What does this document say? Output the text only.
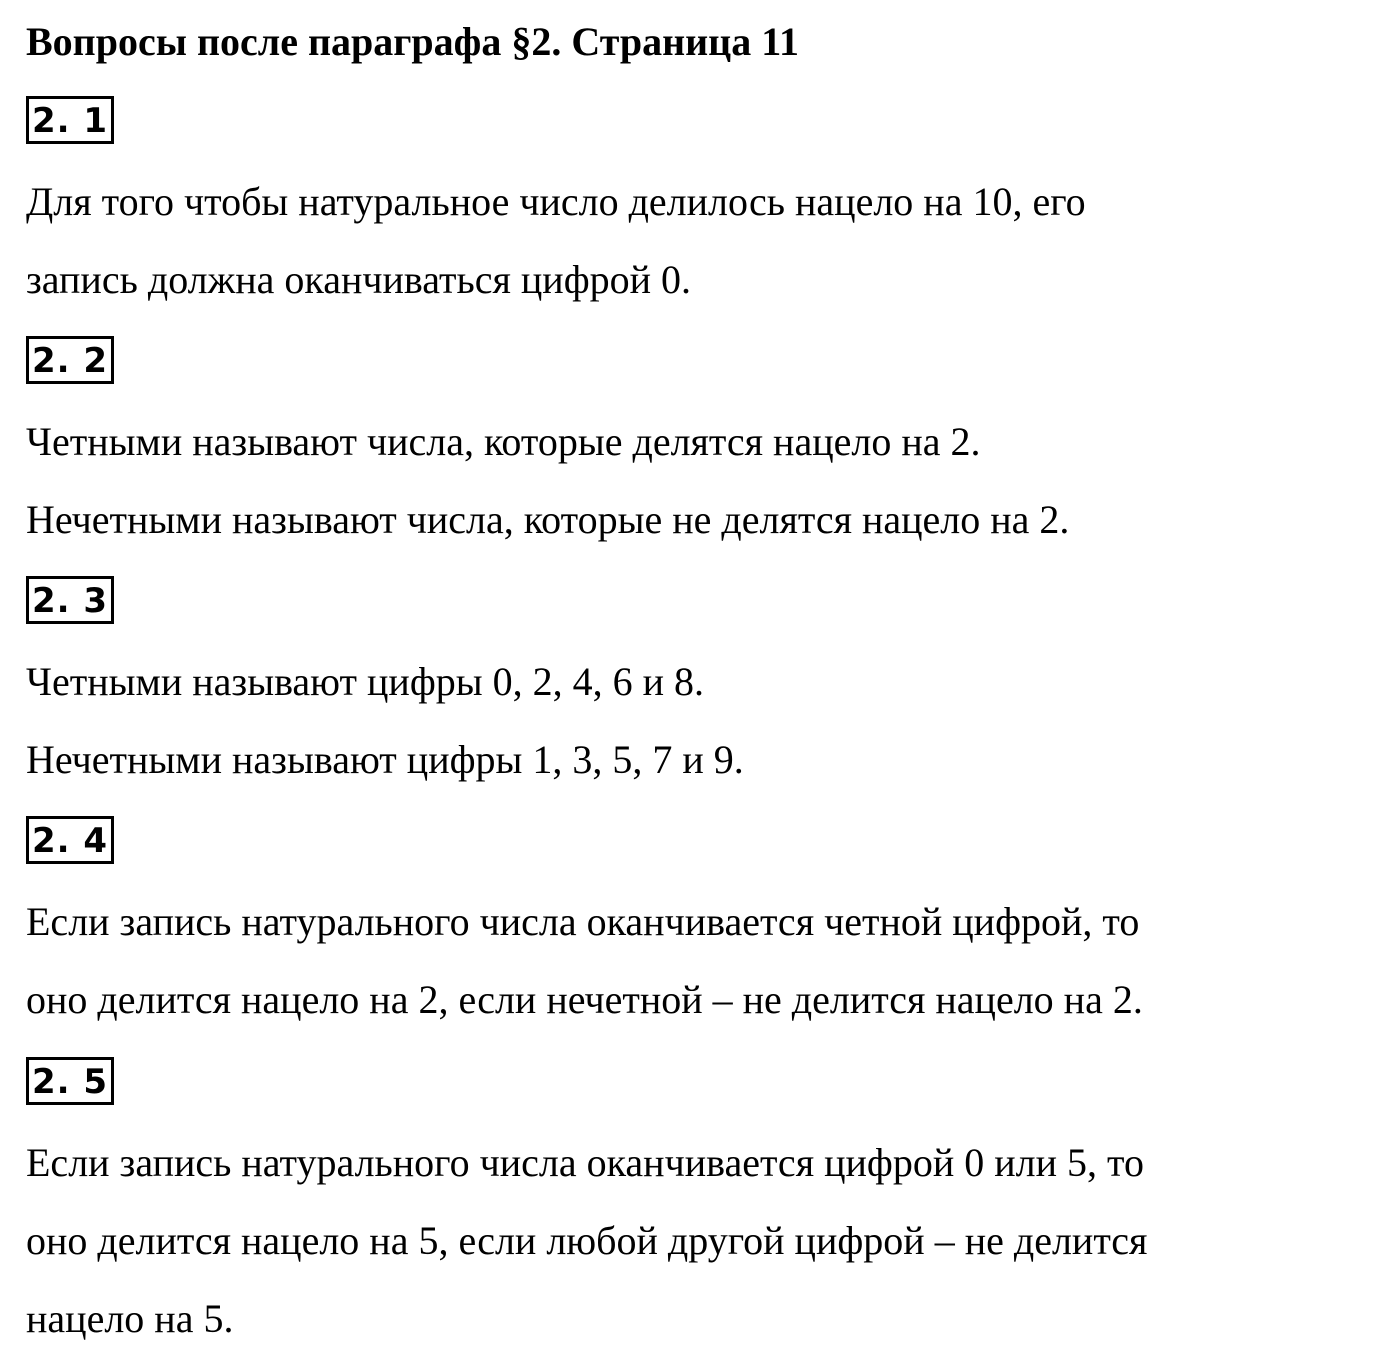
Вопросы после параграфа §2. Страница 11
2. 1
Для того чтобы натуральное число делилось нацело на 10, его
запись должна оканчиваться цифрой 0.
2. 2
Четными называют числа, которые делятся нацело на 2.
Нечетными называют числа, которые не делятся нацело на 2.
2. 3
Четными называют цифры 0, 2, 4, 6 и 8.
Нечетными называют цифры 1, 3, 5, 7 и 9.
2. 4
Если запись натурального числа оканчивается четной цифрой, то
оно делится нацело на 2, если нечетной – не делится нацело на 2.
2. 5
Если запись натурального числа оканчивается цифрой 0 или 5, то
оно делится нацело на 5, если любой другой цифрой – не делится
нацело на 5.
